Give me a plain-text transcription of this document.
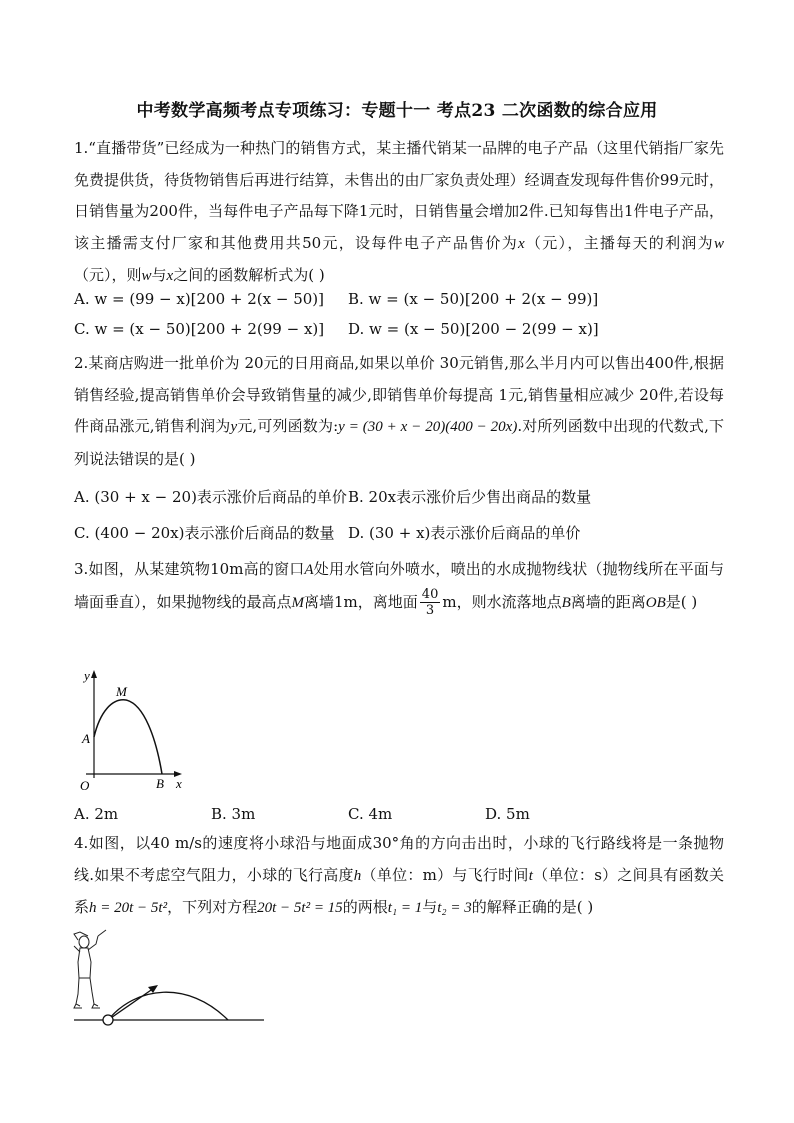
中考数学高频考点专项练习：专题十一 考点23 二次函数的综合应用
1.“直播带货”已经成为一种热门的销售方式，某主播代销某一品牌的电子产品（这里代销指厂家先免费提供货，待货物销售后再进行结算，未售出的由厂家负责处理）经调查发现每件售价99元时，日销售量为200件，当每件电子产品每下降1元时，日销售量会增加2件.已知每售出1件电子产品，该主播需支付厂家和其他费用共50元，设每件电子产品售价为x（元），主播每天的利润为w（元），则w与x之间的函数解析式为( )
A. w = (99 − x)[200 + 2(x − 50)] B. w = (x − 50)[200 + 2(x − 99)]
C. w = (x − 50)[200 + 2(99 − x)] D. w = (x − 50)[200 − 2(99 − x)]
2.某商店购进一批单价为 20元的日用商品,如果以单价 30元销售,那么半月内可以售出400件,根据销售经验,提高销售单价会导致销售量的减少,即销售单价每提高 1元,销售量相应减少 20件,若设每件商品涨元,销售利润为y元,可列函数为:y = (30 + x − 20)(400 − 20x).对所列函数中出现的代数式,下列说法错误的是( )
A. (30 + x − 20)表示涨价后商品的单价 B. 20x表示涨价后少售出商品的数量
C. (400 − 20x)表示涨价后商品的数量 D. (30 + x)表示涨价后商品的单价
3.如图，从某建筑物10m高的窗口A处用水管向外喷水，喷出的水成抛物线状（抛物线所在平面与墙面垂直），如果抛物线的最高点M离墙1m，离地面 $\frac{40}{3}$ m，则水流落地点B离墙的距离OB是( )
y
x
O
A
M
B
A. 2m	B. 3m	C. 4m	D. 5m
4.如图，以40 m/s的速度将小球沿与地面成30°角的方向击出时，小球的飞行路线将是一条抛物线.如果不考虑空气阻力，小球的飞行高度h（单位：m）与飞行时间t（单位：s）之间具有函数关系h = 20t − 5t²，下列对方程20t − 5t² = 15的两根t₁ = 1与t₂ = 3的解释正确的是( )
